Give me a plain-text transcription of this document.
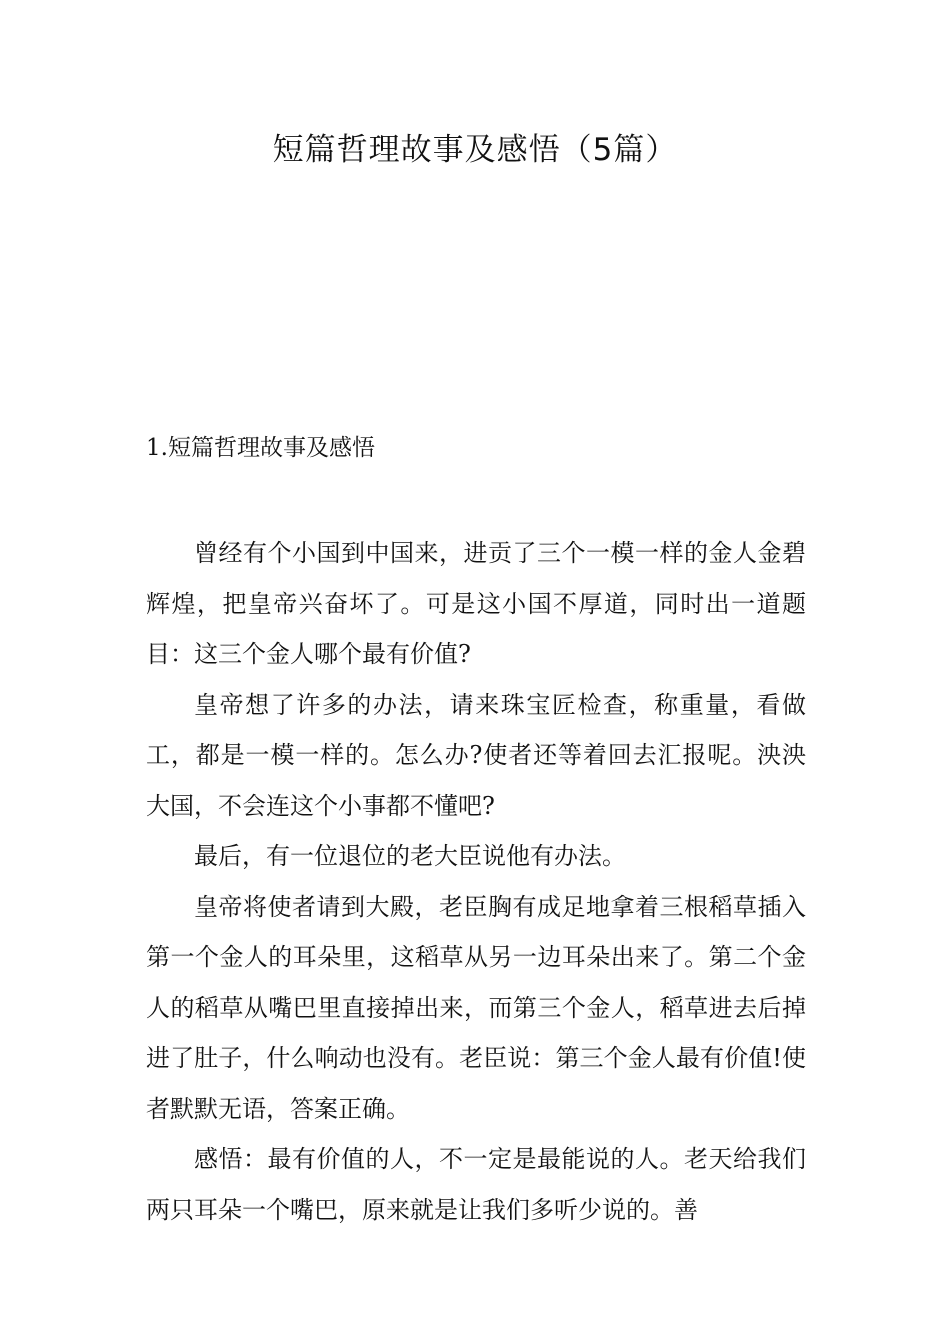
短篇哲理故事及感悟（5篇）
1.短篇哲理故事及感悟

曾经有个小国到中国来，进贡了三个一模一样的金人金碧辉煌，把皇帝兴奋坏了。可是这小国不厚道，同时出一道题目：这三个金人哪个最有价值?

皇帝想了许多的办法，请来珠宝匠检查，称重量，看做工，都是一模一样的。怎么办?使者还等着回去汇报呢。泱泱大国，不会连这个小事都不懂吧?

最后，有一位退位的老大臣说他有办法。

皇帝将使者请到大殿，老臣胸有成足地拿着三根稻草插入第一个金人的耳朵里，这稻草从另一边耳朵出来了。第二个金人的稻草从嘴巴里直接掉出来，而第三个金人，稻草进去后掉进了肚子，什么响动也没有。老臣说：第三个金人最有价值!使者默默无语，答案正确。

感悟：最有价值的人，不一定是最能说的人。老天给我们两只耳朵一个嘴巴，原来就是让我们多听少说的。善
